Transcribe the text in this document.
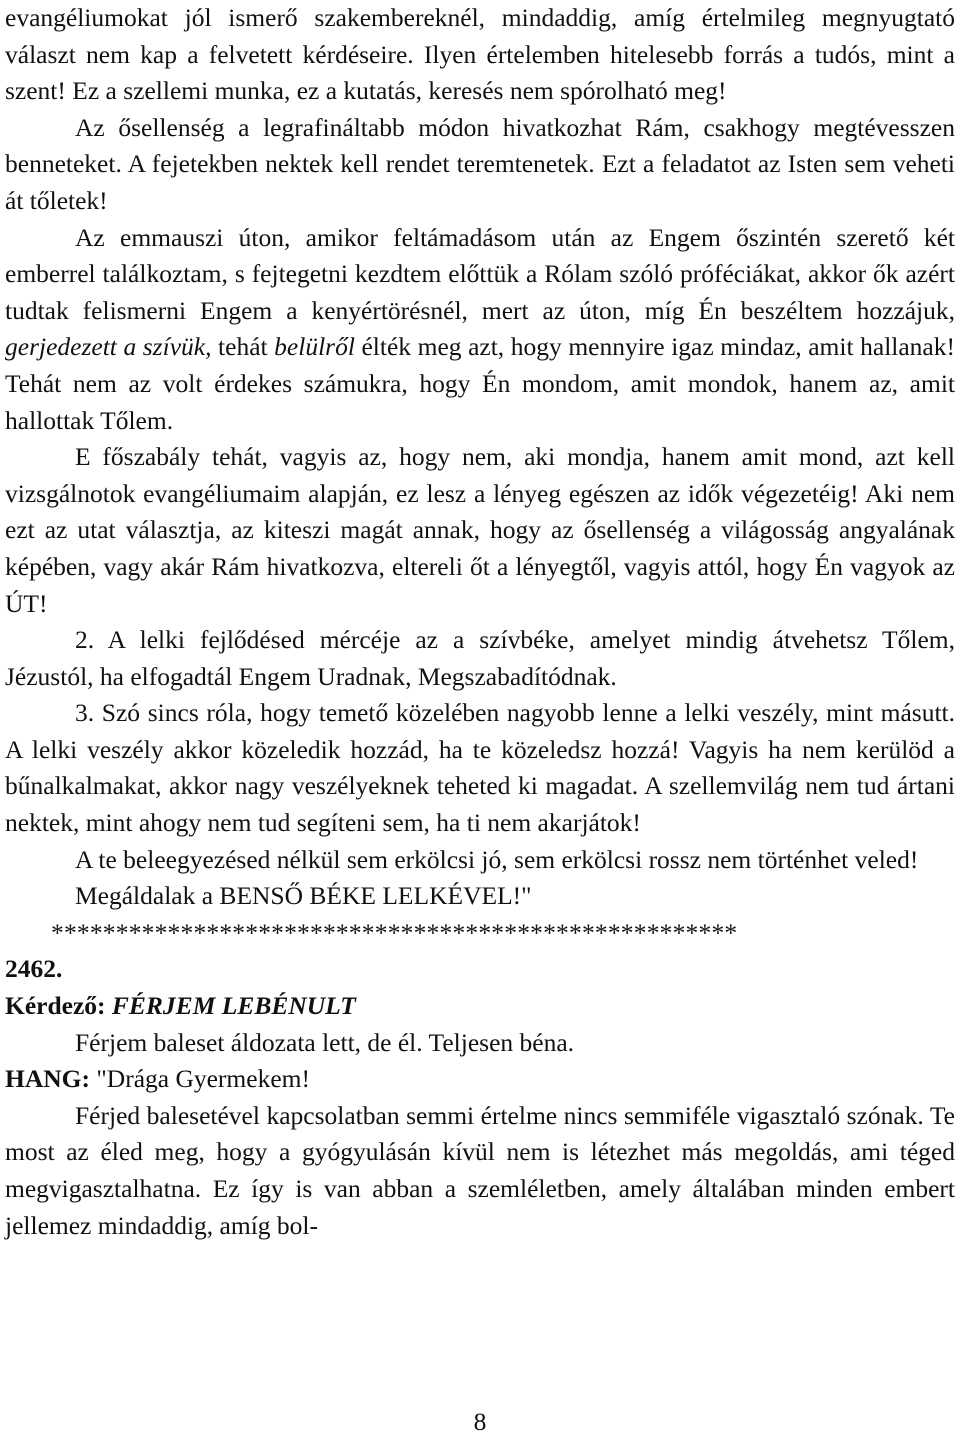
evangéliumokat jól ismerő szakembereknél, mindaddig, amíg értelmileg megnyugtató választ nem kap a felvetett kérdéseire. Ilyen értelemben hitelesebb forrás a tudós, mint a szent! Ez a szellemi munka, ez a kutatás, keresés nem spórolható meg!

Az ősellenség a legrafináltabb módon hivatkozhat Rám, csakhogy megtévesszen benneteket. A fejetekben nektek kell rendet teremtenetek. Ezt a feladatot az Isten sem veheti át tőletek!

Az emmauszi úton, amikor feltámadásom után az Engem őszintén szerető két emberrel találkoztam, s fejtegetni kezdtem előttük a Rólam szóló próféciákat, akkor ők azért tudtak felismerni Engem a kenyértörésnél, mert az úton, míg Én beszéltem hozzájuk, gerjedezett a szívük, tehát belülről élték meg azt, hogy mennyire igaz mindaz, amit hallanak! Tehát nem az volt érdekes számukra, hogy Én mondom, amit mondok, hanem az, amit hallottak Tőlem.

E főszabály tehát, vagyis az, hogy nem, aki mondja, hanem amit mond, azt kell vizsgálnotok evangéliumaim alapján, ez lesz a lényeg egészen az idők végezetéig! Aki nem ezt az utat választja, az kiteszi magát annak, hogy az ősellenség a világosság angyalának képében, vagy akár Rám hivatkozva, eltereli őt a lényegtől, vagyis attól, hogy Én vagyok az ÚT!

2. A lelki fejlődésed mércéje az a szívbéke, amelyet mindig átvehetsz Tőlem, Jézustól, ha elfogadtál Engem Uradnak, Megszabadítódnak.

3. Szó sincs róla, hogy temető közelében nagyobb lenne a lelki veszély, mint másutt. A lelki veszély akkor közeledik hozzád, ha te közeledsz hozzá! Vagyis ha nem kerülöd a bűnalkalmakat, akkor nagy veszélyeknek teheted ki magadat. A szellemvilág nem tud ártani nektek, mint ahogy nem tud segíteni sem, ha ti nem akarjátok!

A te beleegyezésed nélkül sem erkölcsi jó, sem erkölcsi rossz nem történhet veled!

Megáldalak a BENSŐ BÉKE LELKÉVEL!"

*****************************************************

2462.

Kérdező: FÉRJEM LEBÉNULT

Férjem baleset áldozata lett, de él. Teljesen béna.

HANG: "Drága Gyermekem!

Férjed balesetével kapcsolatban semmi értelme nincs semmiféle vigasztaló szónak. Te most az éled meg, hogy a gyógyulásán kívül nem is létezhet más megoldás, ami téged megvigasztalhatna. Ez így is van abban a szemléletben, amely általában minden embert jellemez mindaddig, amíg bol-

8
